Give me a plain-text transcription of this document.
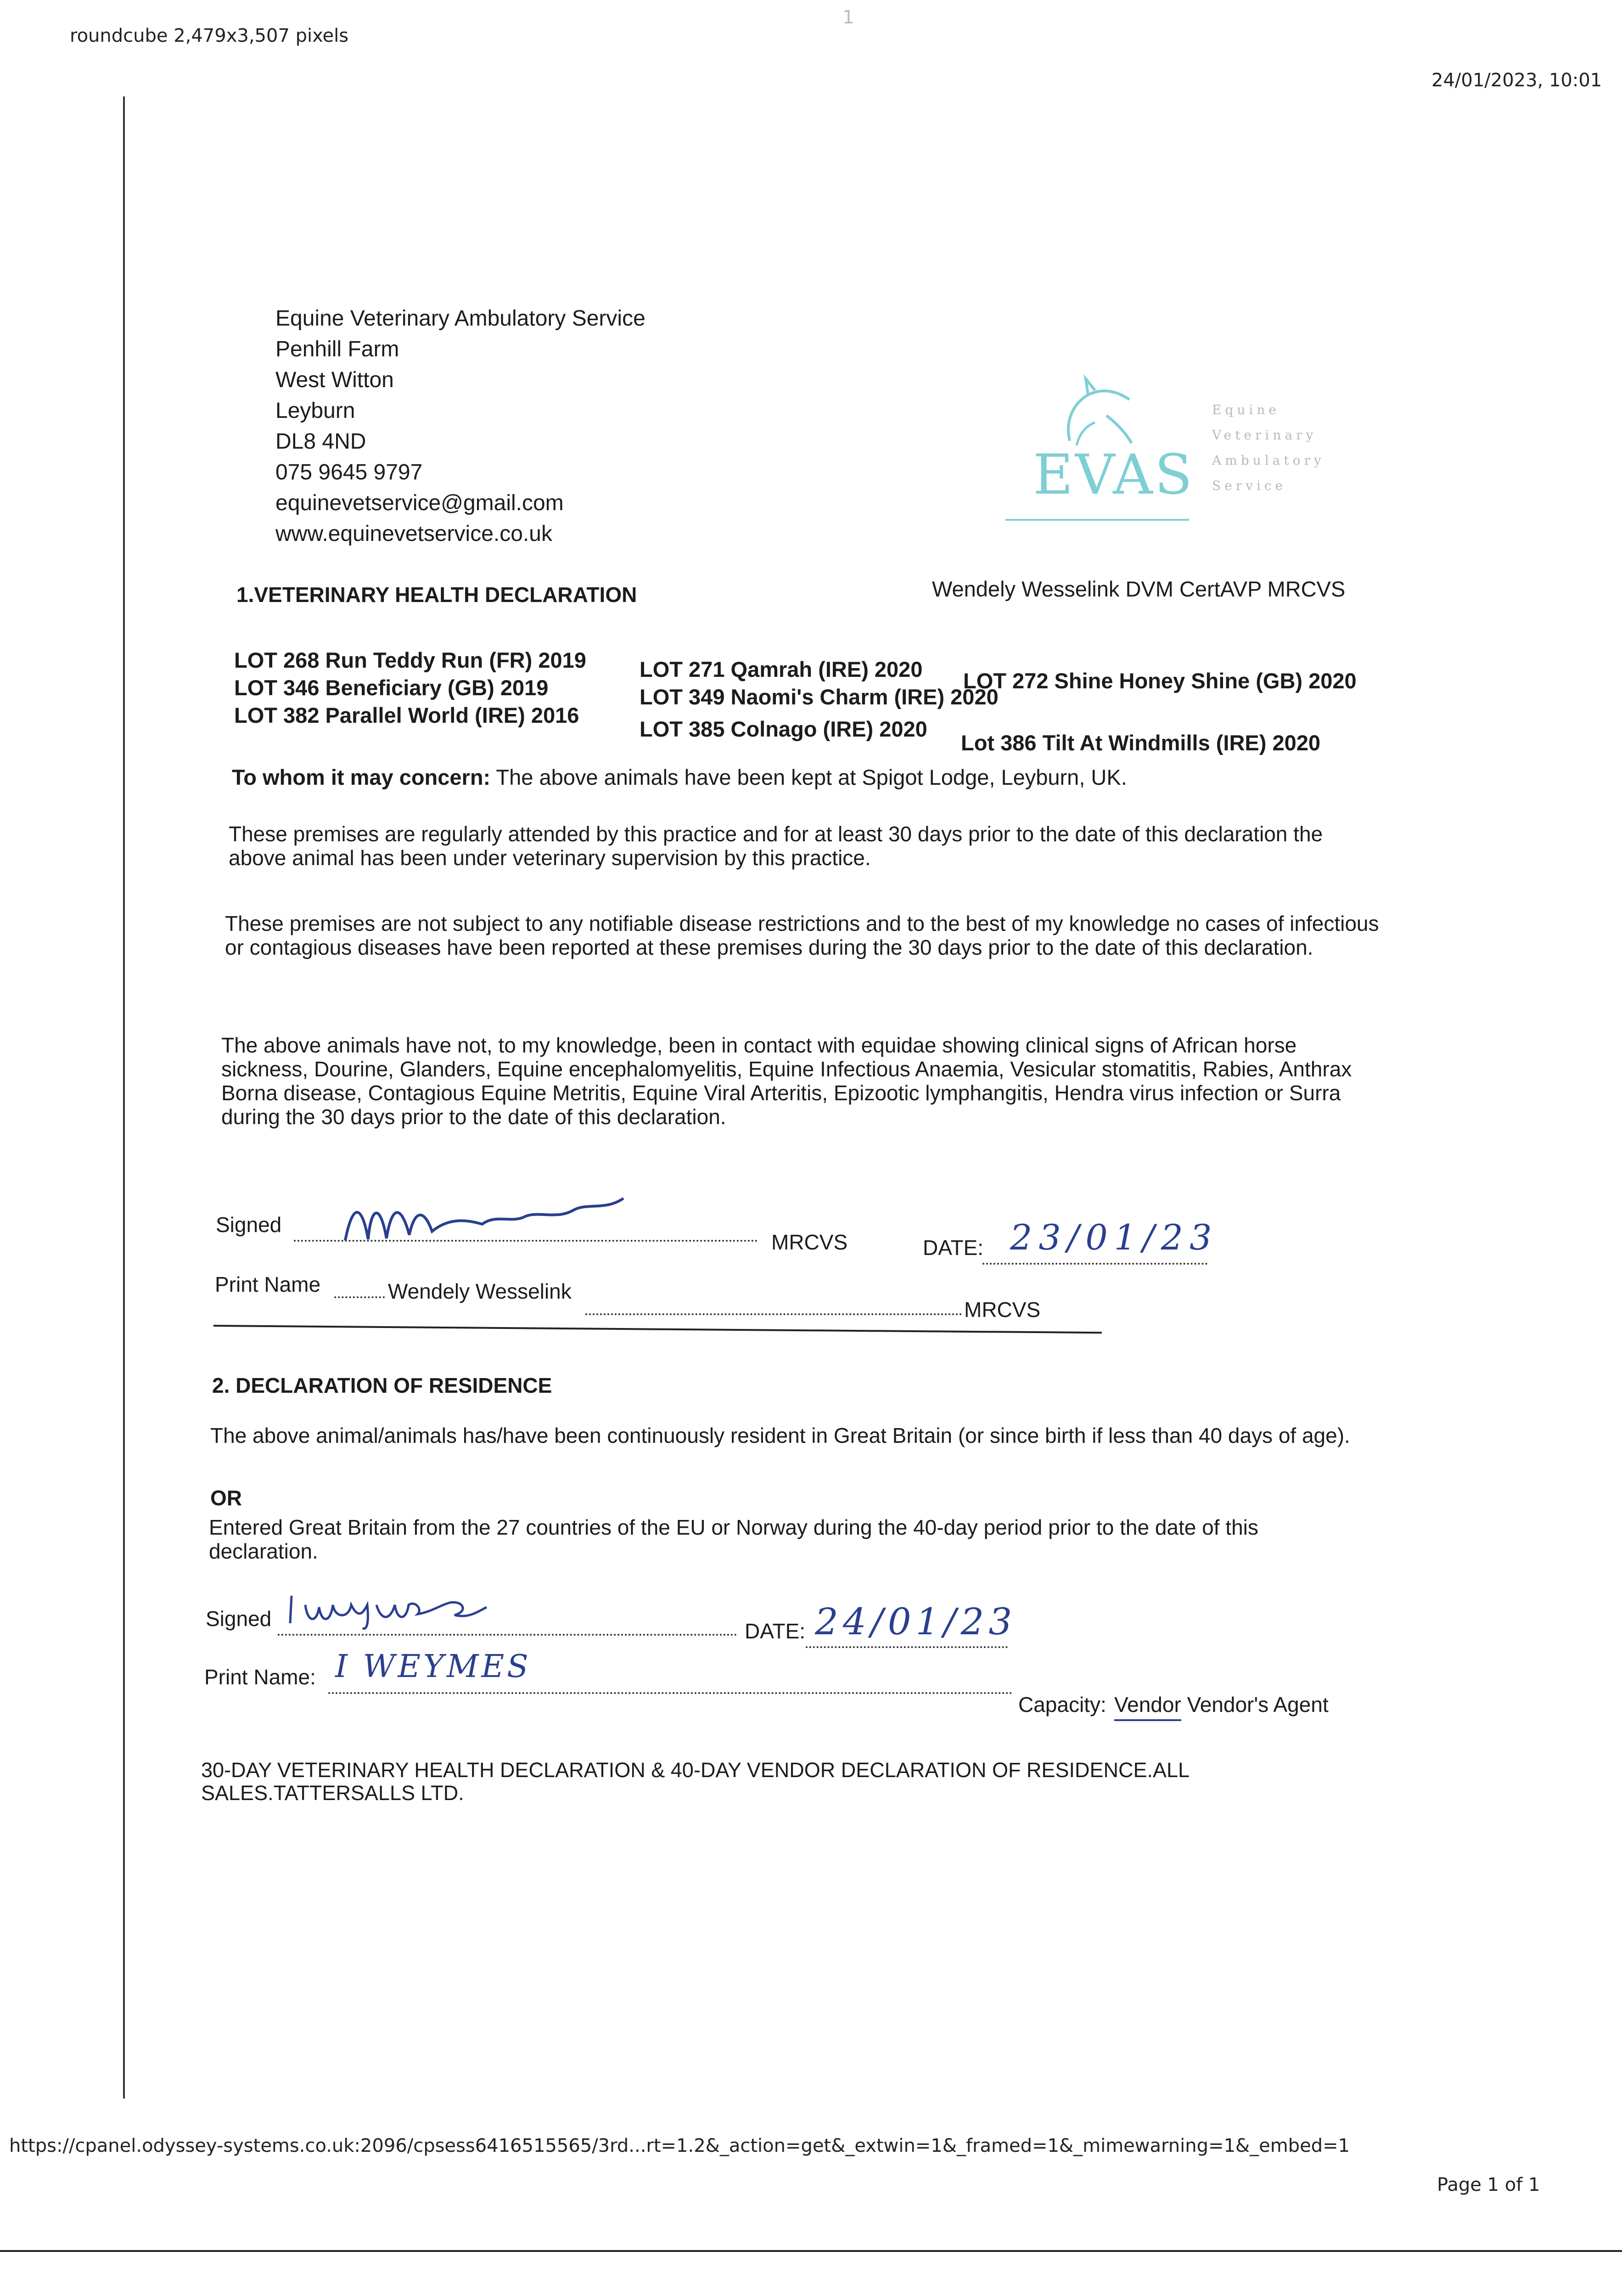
roundcube 2,479x3,507 pixels
1
24/01/2023, 10:01
Equine Veterinary Ambulatory Service
Penhill Farm
West Witton
Leyburn
DL8 4ND
075 9645 9797
equinevetservice@gmail.com
www.equinevetservice.co.uk
EVAS
Equine
Veterinary
Ambulatory
Service
1.VETERINARY HEALTH DECLARATION	Wendely Wesselink DVM CertAVP MRCVS
LOT 268 Run Teddy Run (FR) 2019
LOT 346 Beneficiary (GB) 2019
LOT 382 Parallel World (IRE) 2016
LOT 271 Qamrah (IRE) 2020
LOT 349 Naomi's Charm (IRE) 2020
LOT 385 Colnago (IRE) 2020
LOT 272 Shine Honey Shine (GB) 2020
Lot 386 Tilt At Windmills (IRE) 2020
To whom it may concern: The above animals have been kept at Spigot Lodge, Leyburn, UK.
These premises are regularly attended by this practice and for at least 30 days prior to the date of this declaration the above animal has been under veterinary supervision by this practice.
These premises are not subject to any notifiable disease restrictions and to the best of my knowledge no cases of infectious or contagious diseases have been reported at these premises during the 30 days prior to the date of this declaration.
The above animals have not, to my knowledge, been in contact with equidae showing clinical signs of African horse sickness, Dourine, Glanders, Equine encephalomyelitis, Equine Infectious Anaemia, Vesicular stomatitis, Rabies, Anthrax Borna disease, Contagious Equine Metritis, Equine Viral Arteritis, Epizootic lymphangitis, Hendra virus infection or Surra during the 30 days prior to the date of this declaration.
Signed
MRCVS	DATE: 23/01/23
Print Name	Wendely Wesselink
MRCVS
2. DECLARATION OF RESIDENCE
The above animal/animals has/have been continuously resident in Great Britain (or since birth if less than 40 days of age).
OR
Entered Great Britain from the 27 countries of the EU or Norway during the 40-day period prior to the date of this declaration.
Signed
DATE: 24/01/23
Print Name: I WEYMES
Capacity: Vendor Vendor's Agent
30-DAY VETERINARY HEALTH DECLARATION & 40-DAY VENDOR DECLARATION OF RESIDENCE.ALL SALES.TATTERSALLS LTD.
https://cpanel.odyssey-systems.co.uk:2096/cpsess6416515565/3rd...rt=1.2&_action=get&_extwin=1&_framed=1&_mimewarning=1&_embed=1
Page 1 of 1
